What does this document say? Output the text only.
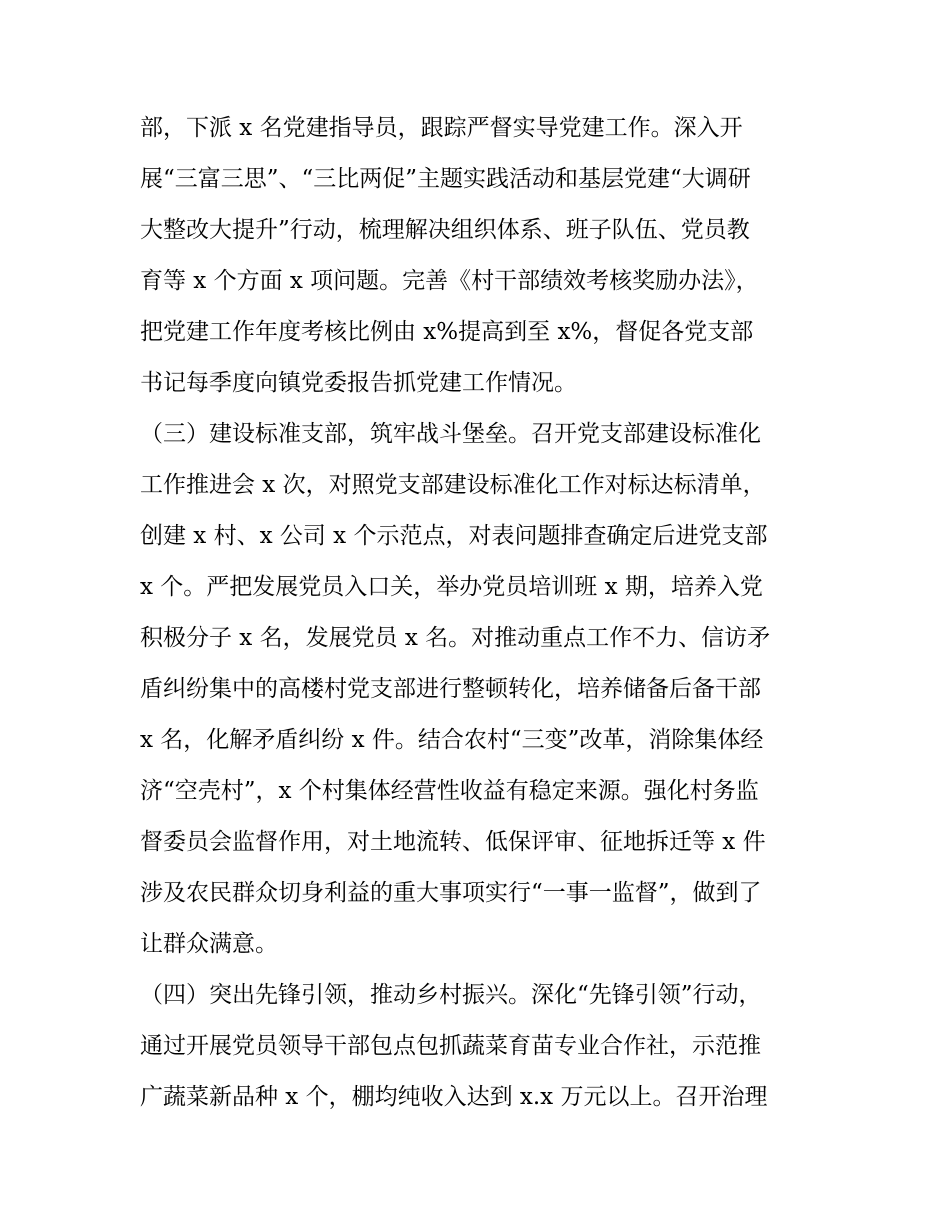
部，下派 x 名党建指导员，跟踪严督实导党建工作。深入开
展“三富三思”、“三比两促”主题实践活动和基层党建“大调研
大整改大提升”行动，梳理解决组织体系、班子队伍、党员教
育等 x 个方面 x 项问题。完善《村干部绩效考核奖励办法》，
把党建工作年度考核比例由 x%提高到至 x%，督促各党支部
书记每季度向镇党委报告抓党建工作情况。
（三）建设标准支部，筑牢战斗堡垒。召开党支部建设标准化
工作推进会 x 次，对照党支部建设标准化工作对标达标清单，
创建 x 村、x 公司 x 个示范点，对表问题排查确定后进党支部
x 个。严把发展党员入口关，举办党员培训班 x 期，培养入党
积极分子 x 名，发展党员 x 名。对推动重点工作不力、信访矛
盾纠纷集中的高楼村党支部进行整顿转化，培养储备后备干部
x 名，化解矛盾纠纷 x 件。结合农村“三变”改革，消除集体经
济“空壳村”，x 个村集体经营性收益有稳定来源。强化村务监
督委员会监督作用，对土地流转、低保评审、征地拆迁等 x 件
涉及农民群众切身利益的重大事项实行“一事一监督”，做到了
让群众满意。
（四）突出先锋引领，推动乡村振兴。深化“先锋引领”行动，
通过开展党员领导干部包点包抓蔬菜育苗专业合作社，示范推
广蔬菜新品种 x 个，棚均纯收入达到 x.x 万元以上。召开治理
